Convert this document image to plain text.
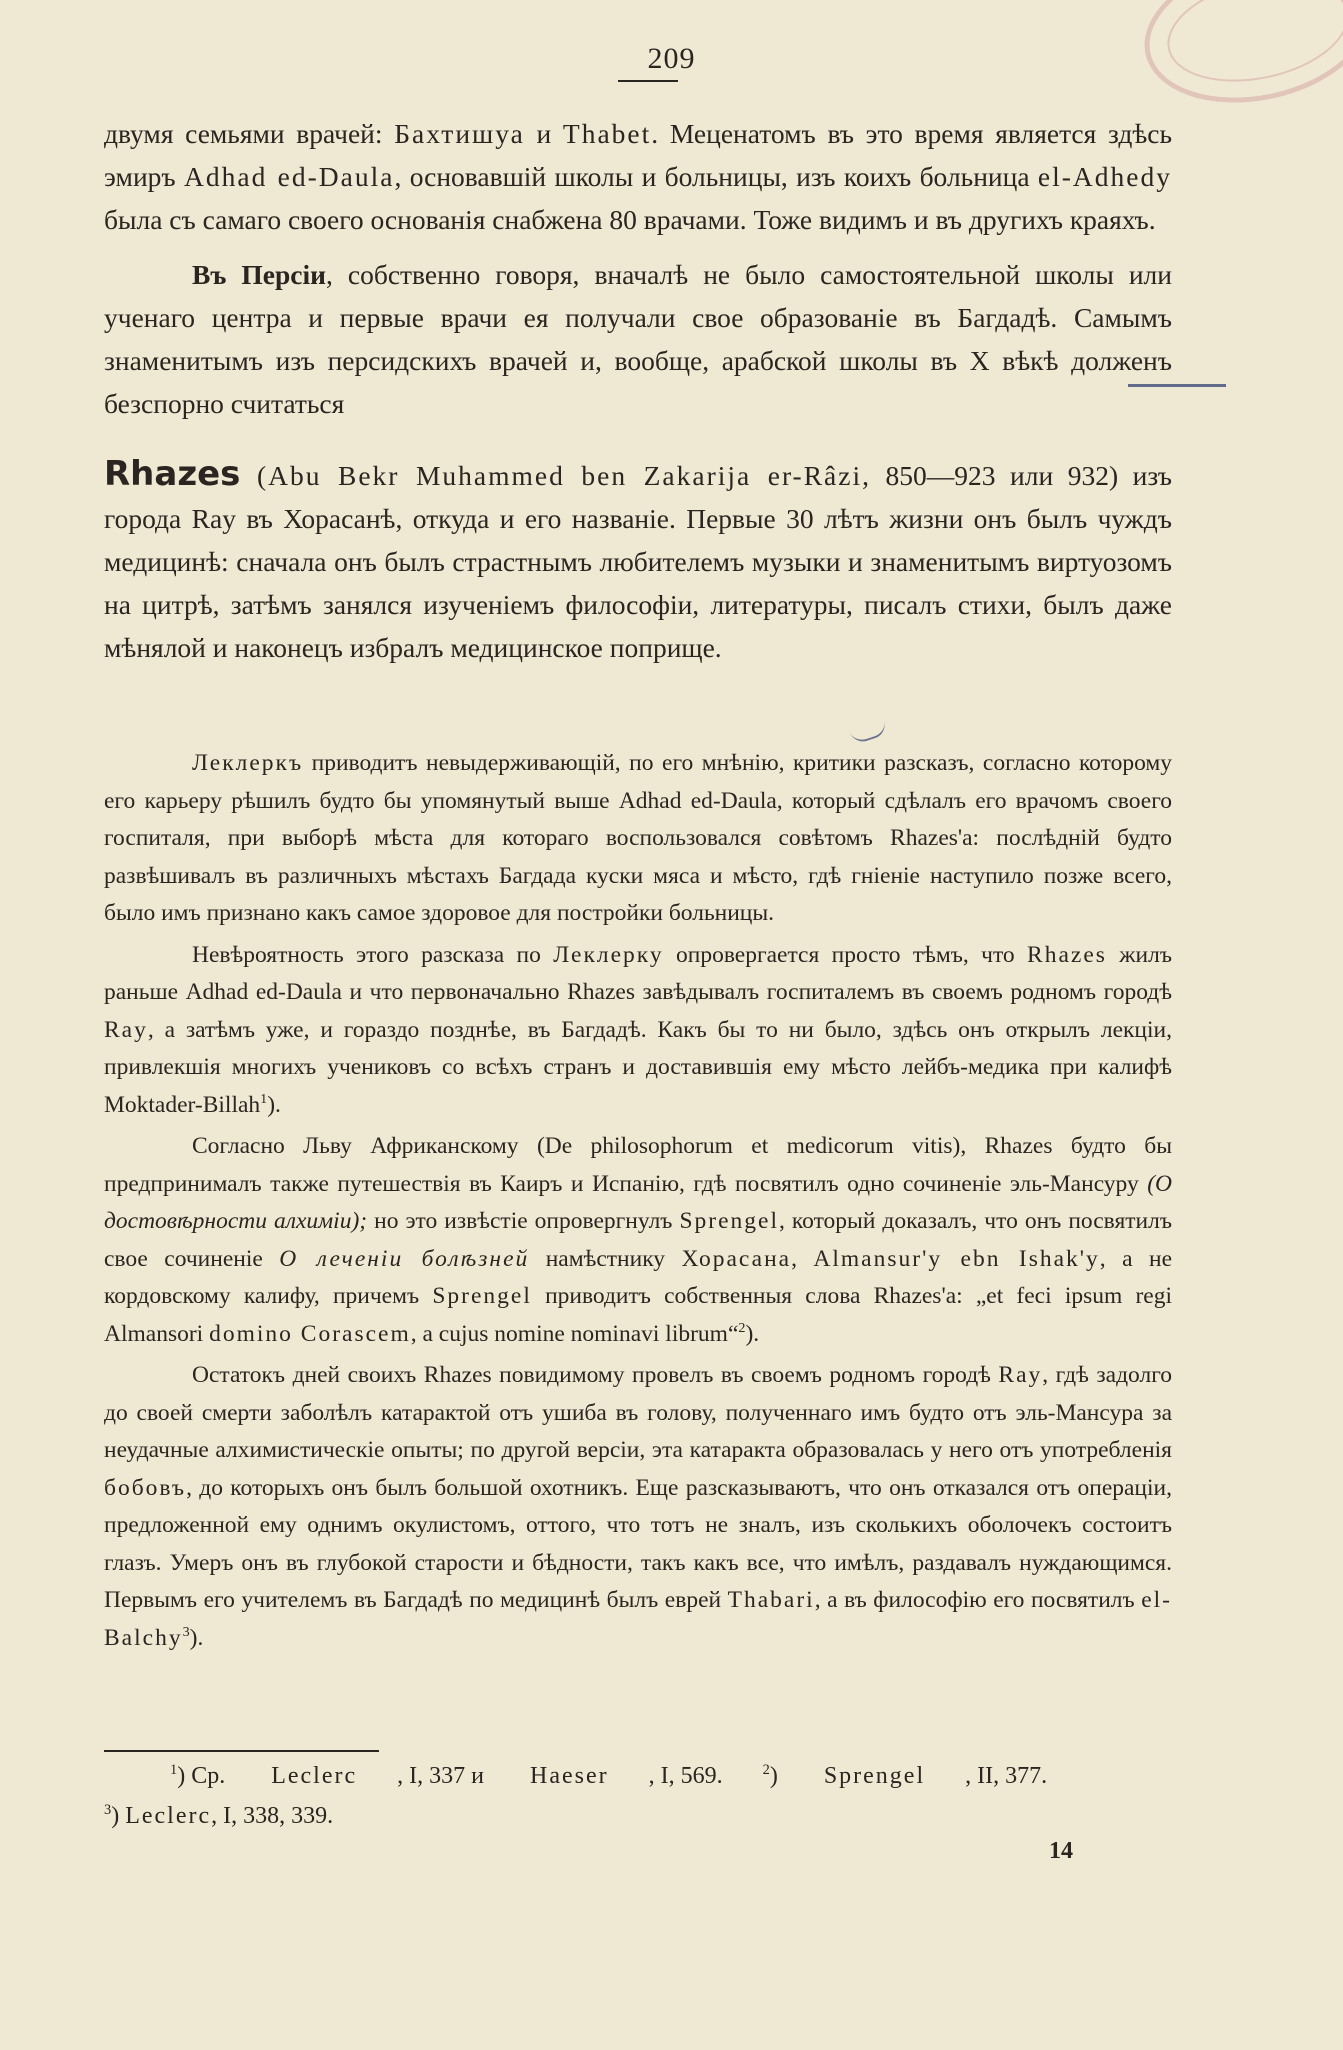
209

двумя семьями врачей: Бахтишуа и Thabet. Меценатомъ въ это время является здѣсь эмиръ Adhad ed-Daula, основавшій школы и больницы, изъ коихъ больница el-Adhedy была съ самаго своего основанія снабжена 80 врачами. Тоже видимъ и въ другихъ краяхъ.

Въ Персіи, собственно говоря, вначалѣ не было самостоятельной школы или ученаго центра и первые врачи ея получали свое образованіе въ Багдадѣ. Самымъ знаменитымъ изъ персидскихъ врачей и, вообще, арабской школы въ X вѣкѣ долженъ безспорно считаться

Rhazes (Abu Bekr Muhammed ben Zakarija er-Râzi, 850—923 или 932) изъ города Ray въ Хорасанѣ, откуда и его названіе. Первые 30 лѣтъ жизни онъ былъ чуждъ медицинѣ: сначала онъ былъ страстнымъ любителемъ музыки и знаменитымъ виртуозомъ на цитрѣ, затѣмъ занялся изученіемъ философіи, литературы, писалъ стихи, былъ даже мѣнялой и наконецъ избралъ медицинское поприще.

Леклеркъ приводитъ невыдерживающій, по его мнѣнію, критики разсказъ, согласно которому его карьеру рѣшилъ будто бы упомянутый выше Adhad ed-Daula, который сдѣлалъ его врачомъ своего госпиталя, при выборѣ мѣста для котораго воспользовался совѣтомъ Rhazes'а: послѣдній будто развѣшивалъ въ различныхъ мѣстахъ Багдада куски мяса и мѣсто, гдѣ гніеніе наступило позже всего, было имъ признано какъ самое здоровое для постройки больницы.

Невѣроятность этого разсказа по Леклерку опровергается просто тѣмъ, что Rhazes жилъ раньше Adhad ed-Daula и что первоначально Rhazes завѣдывалъ госпиталемъ въ своемъ родномъ городѣ Ray, а затѣмъ уже, и гораздо позднѣе, въ Багдадѣ. Какъ бы то ни было, здѣсь онъ открылъ лекціи, привлекшія многихъ учениковъ со всѣхъ странъ и доставившія ему мѣсто лейбъ-медика при калифѣ Moktader-Billah$^1$).

Согласно Льву Африканскому (De philosophorum et medicorum vitis), Rhazes будто бы предпринималъ также путешествія въ Каиръ и Испанію, гдѣ посвятилъ одно сочиненіе эль-Мансуру (О достовѣрности алхиміи); но это извѣстіе опровергнулъ Sprengel, который доказалъ, что онъ посвятилъ свое сочиненіе О леченіи болѣзней намѣстнику Хорасана, Almansur'у ebn Ishak'у, а не кордовскому калифу, причемъ Sprengel приводитъ собственныя слова Rhazes'а: „et feci ipsum regi Almansori domino Corascem, a cujus nomine nominavi librum“$^2$).

Остатокъ дней своихъ Rhazes повидимому провелъ въ своемъ родномъ городѣ Ray, гдѣ задолго до своей смерти заболѣлъ катарактой отъ ушиба въ голову, полученнаго имъ будто отъ эль-Мансура за неудачные алхимистическіе опыты; по другой версіи, эта катаракта образовалась у него отъ употребленія бобовъ, до которыхъ онъ былъ большой охотникъ. Еще разсказываютъ, что онъ отказался отъ операціи, предложенной ему однимъ окулистомъ, оттого, что тотъ не зналъ, изъ сколькихъ оболочекъ состоитъ глазъ. Умеръ онъ въ глубокой старости и бѣдности, такъ какъ все, что имѣлъ, раздавалъ нуждающимся. Первымъ его учителемъ въ Багдадѣ по медицинѣ былъ еврей Thabari, а въ философію его посвятилъ el-Balchy$^3$).

$^1$) Ср. Leclerc , I, 337 и Haeser , I, 569.	$^2$) Sprengel , II, 377.

$^3$) Leclerc, I, 338, 339.

14
